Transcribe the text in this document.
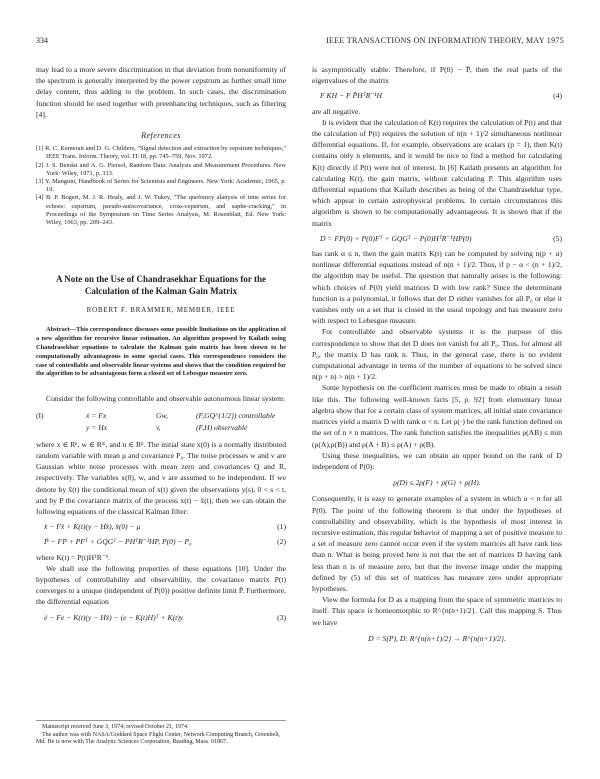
334	IEEE TRANSACTIONS ON INFORMATION THEORY, MAY 1975

may lead to a more severe discrimination in that deviation from nonuniformity of the spectrum is generally interpreted by the power cepstrum as further small time delay content, thus adding to the problem. In such cases, the discrimination function should be used together with preenhancing techniques, such as filtering [4].

References

[1] R. C. Kemerait and D. G. Childers, "Signal detection and extraction by cepstrum techniques," IEEE Trans. Inform. Theory, vol. IT-18, pp. 745–759, Nov. 1972.

[2] J. S. Bendat and A. G. Piersol, Random Data: Analysis and Measurement Procedures. New York: Wiley, 1971, p. 313.

[3] Y. Manguin, Handbook of Series for Scientists and Engineers. New York: Academic, 1965, p. 19.

[4] B. P. Bogert, M. J. R. Healy, and J. W. Tukey, "The quefrency alanysis of time series for echoes: cepstrum, pseudo-autocovariance, cross-cepstrum, and saphe-cracking," in Proceedings of the Symposium on Time Series Analysis, M. Rosenblatt, Ed. New York: Wiley, 1963, pp. 209–243.

A Note on the Use of Chandrasekhar Equations for the Calculation of the Kalman Gain Matrix
ROBERT F. BRAMMER, MEMBER, IEEE

Abstract—This correspondence discusses some possible limitations on the application of a new algorithm for recursive linear estimation. An algorithm proposed by Kailath using Chandrasekhar equations to calculate the Kalman gain matrix has been shown to be computationally advantageous in some special cases. This correspondence considers the case of controllable and observable linear systems and shows that the condition required for the algorithm to be advantageous form a closed set of Lebesgue measure zero.

Consider the following controllable and observable autonomous linear system:

(I)	ẋ = Fx	Gw,	(F,GQ^{1/2}) controllable
y = Hx	v,	(F,H) observable

where x ∈ Rⁿ, w ∈ Rᵐ, and n ∈ Rᵖ. The initial state x(0) is a normally distributed random variable with mean μ and covariance P₀. The noise processes w and v are Gaussian white noise processes with mean zero and covariances Q and R, respectively. The variables x(0), w, and v are assumed to be independent. If we denote by x̂(t) the conditional mean of x(t) given the observations y(s), 0 < s < t, and by P the covariance matrix of the process x(t) − x̂(t), then we can obtain the following equations of the classical Kalman filter:

x̂ − Fx̂ + K(t)(y − Hx̂), x̂(0) − μ	(1)
Ṗ − FP + PFᵀ + GQGᵀ − PHᵀR⁻¹HP, P(0) − P₀	(2)

where K(t) = P(t)HᵀR⁻¹.

We shall use the following properties of these equations [10]. Under the hypotheses of controllability and observability, the covariance matrix P(t) converges to a unique (independent of P(0)) positive definite limit P̄. Furthermore, the differential equation

ė − Fe − K(t)(y − Hx̂) − (e − K(t)H)ᵀ + K(t)y	(3)

Manuscript received June 3, 1974; revised October 21, 1974.

The author was with NASA/Goddard Space Flight Center, Network Computing Branch, Greenbelt, Md. He is now with The Analytic Sciences Corporation, Reading, Mass. 01867.

is asymptotically stable. Therefore, if P(0) − P̄, then the real parts of the eigenvalues of the matrix

F KH − F P̄HᵀR⁻¹H	(4)

are all negative.

It is evident that the calculation of K(t) requires the calculation of P(t) and that the calculation of P(t) requires the solution of n(n + 1)/2 simultaneous nonlinear differential equations. If, for example, observations are scalars (p = 1), then K(t) contains only n elements, and it would be nice to find a method for calculating K(t) directly if P(t) were not of interest. In [6] Kailath presents an algorithm for calculating K(t), the gain matrix, without calculating P. This algorithm uses differential equations that Kailath describes as being of the Chandrasekhar type, which appear in certain astrophysical problems. In certain circumstances this algorithm is shown to be computationally advantageous. It is shown that if the matrix

D = FP(0) + P(0)Fᵀ + GQGᵀ − P(0)HᵀR⁻¹HP(0)	(5)

has rank α ≤ n, then the gain matrix K(t) can be computed by solving n(p + α) nonlinear differential equations instead of n(n + 1)/2. Thus, if p − α < (n + 1)/2, the algorithm may be useful. The question that naturally arises is the following: which choices of P(0) yield matrices D with low rank? Since the determinant function is a polynomial, it follows that det D either vanishes for all P₀ or else it vanishes only on a set that is closed in the usual topology and has measure zero with respect to Lebesgue measure.

For controllable and observable systems it is the purpose of this correspondence to show that det D does not vanish for all P₀. Thus, for almost all P₀, the matrix D has rank n. Thus, in the general case, there is no evident computational advantage in terms of the number of equations to be solved since n(p + n) > n(n + 1)/2.

Some hypothesis on the coefficient matrices must be made to obtain a result like this. The following well-known facts [5, p. 92] from elementary linear algebra show that for a certain class of system matrices, all initial state covariance matrices yield a matrix D with rank α < n. Let ρ(·) be the rank function defined on the set of n × n matrices. The rank function satisfies the inequalities ρ(AB) ≤ min (ρ(A),ρ(B)) and ρ(A + B) ≤ ρ(A) + ρ(B).

Using these inequalities, we can obtain an upper bound on the rank of D independent of P(0):

ρ(D) ≤ 2ρ(F) + ρ(G) + ρ(H).

Consequently, it is easy to generate examples of a system in which α < n for all P(0). The point of the following theorem is that under the hypotheses of controllability and observability, which is the hypothesis of most interest in recursive estimation, this regular behavior of mapping a set of positive measure to a set of measure zero cannot occur even if the system matrices all have rank less than n. What is being proved here is not that the set of matrices D having rank less than n is of measure zero, but that the inverse image under the mapping defined by (5) of this set of matrices has measure zero under appropriate hypotheses.

View the formula for D as a mapping from the space of symmetric matrices to itself. This space is homeomorphic to R^{n(n+1)/2}. Call this mapping S. Thus we have

D = S(P), D: R^{n(n+1)/2} → R^{n(n+1)/2}.
